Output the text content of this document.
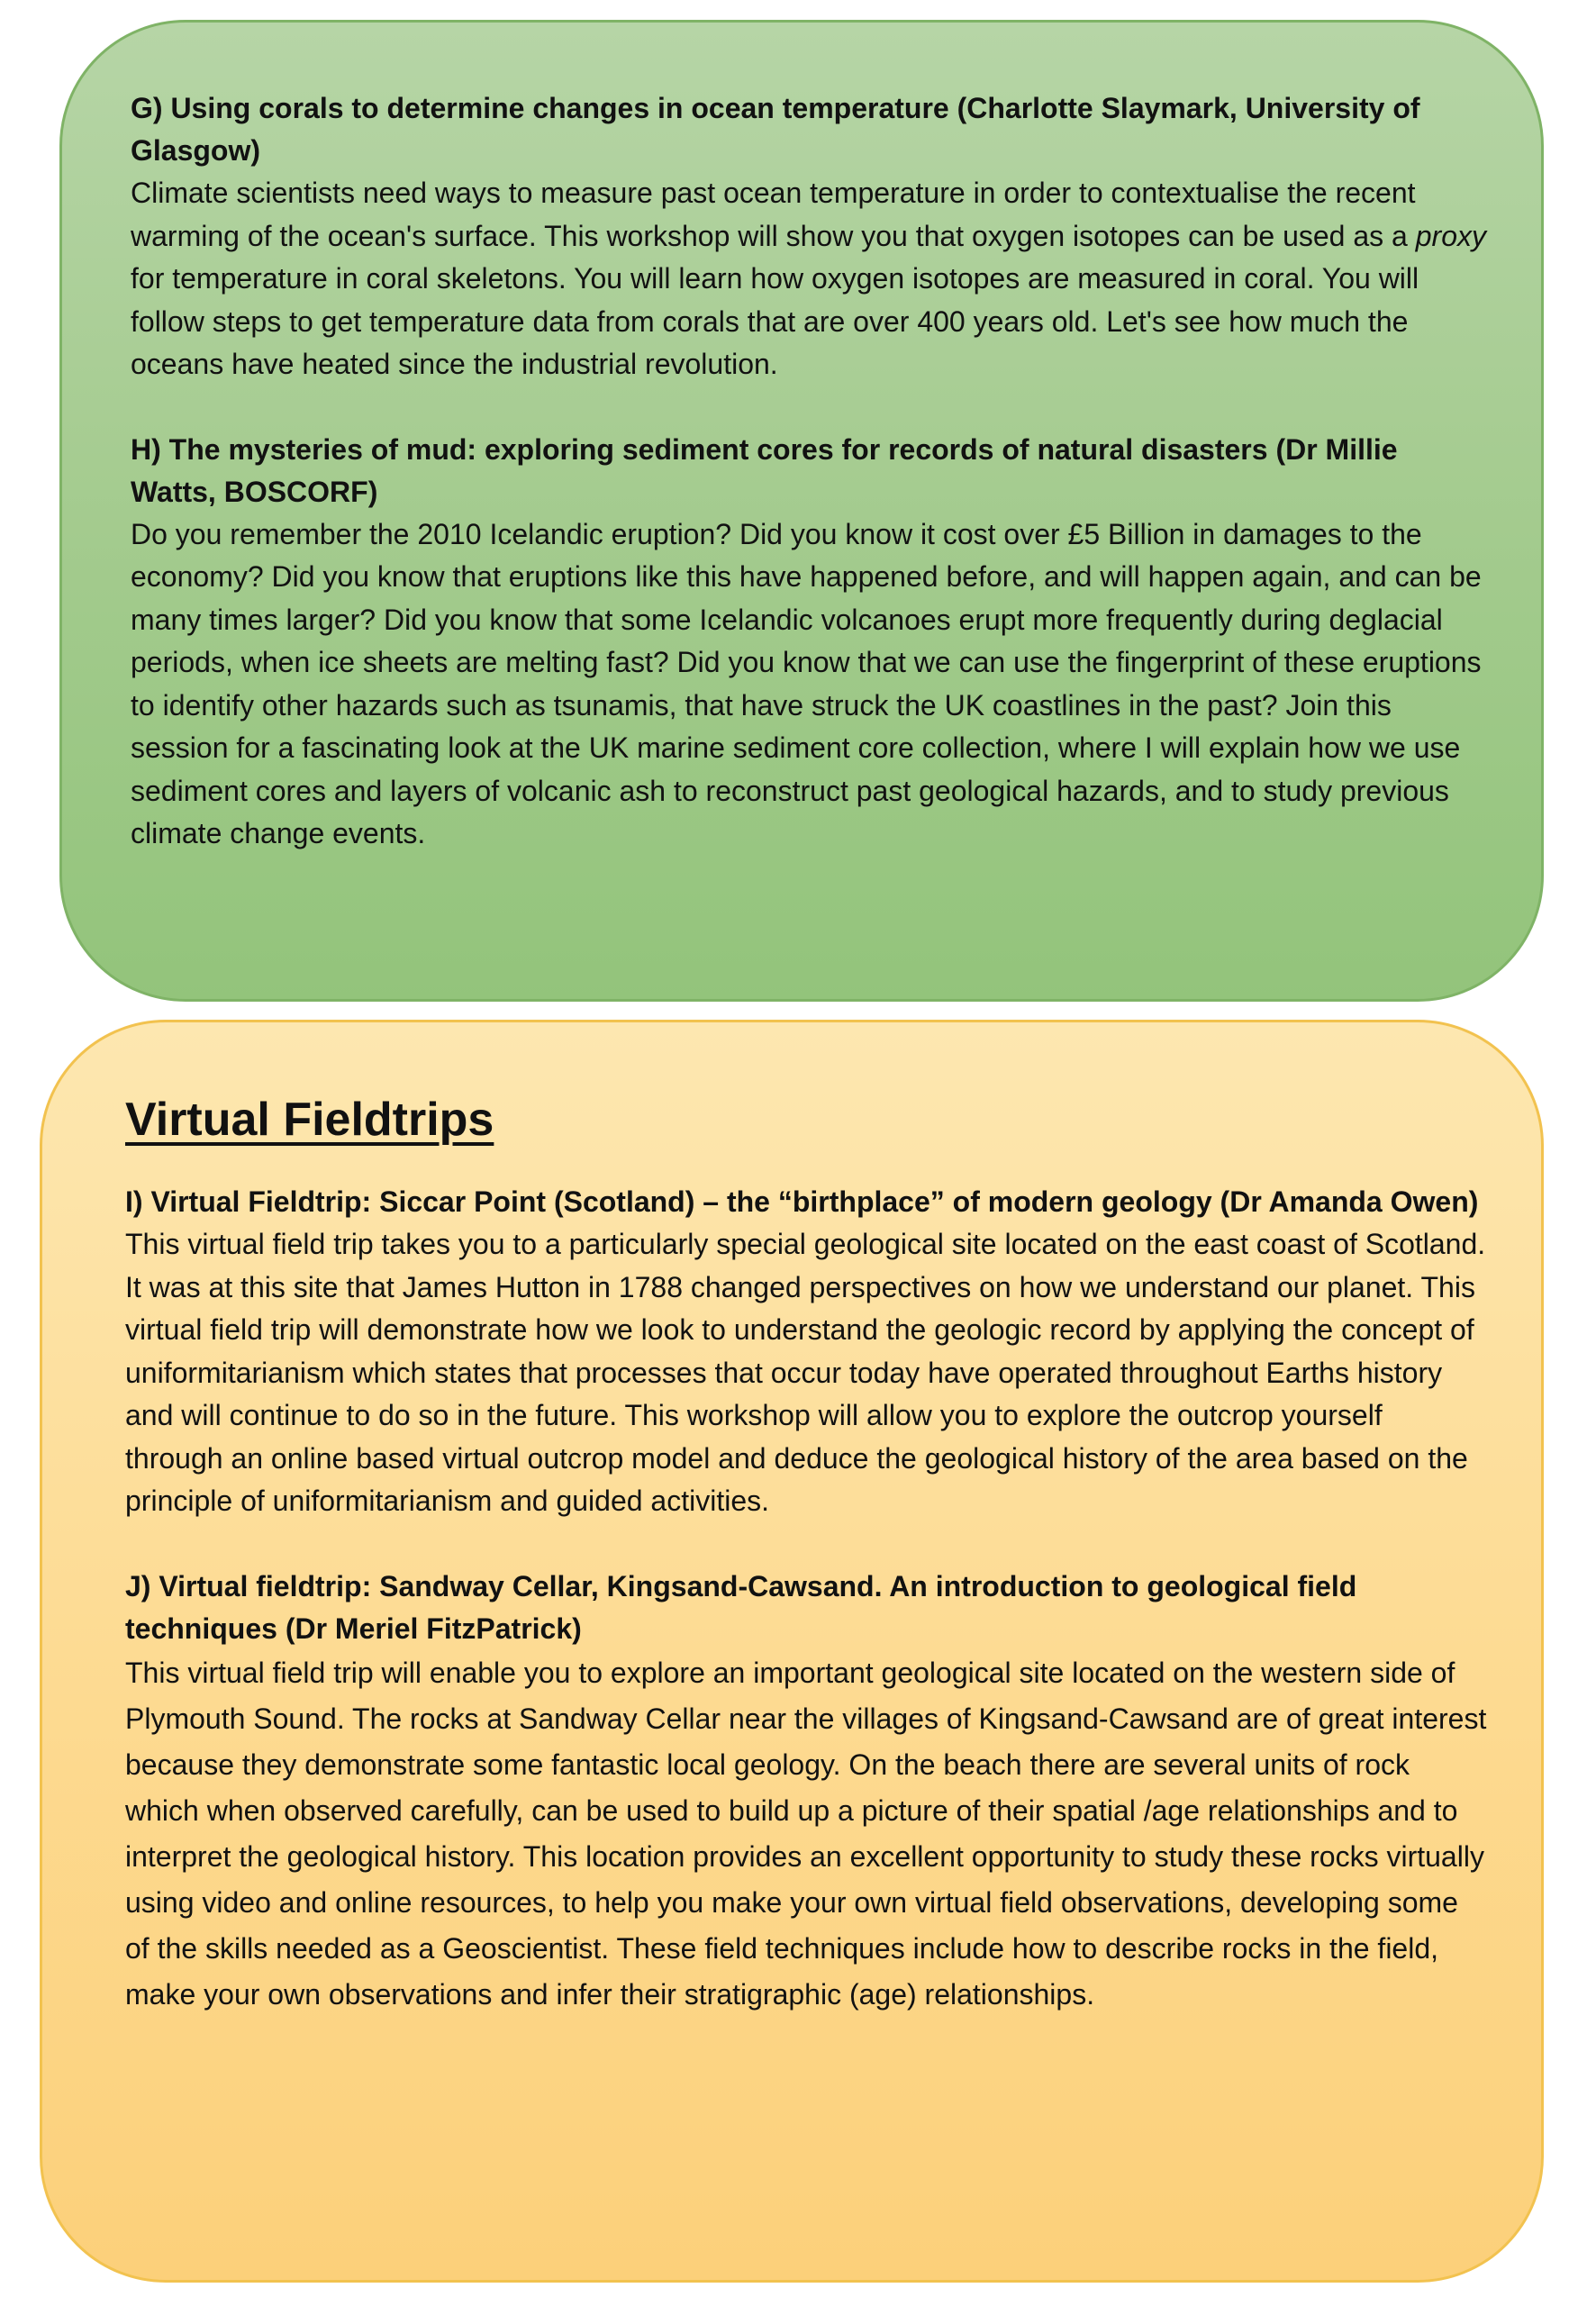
G) Using corals to determine changes in ocean temperature (Charlotte Slaymark, University of Glasgow)

Climate scientists need ways to measure past ocean temperature in order to contextualise the recent warming of the ocean's surface. This workshop will show you that oxygen isotopes can be used as a proxy for temperature in coral skeletons. You will learn how oxygen isotopes are measured in coral. You will follow steps to get temperature data from corals that are over 400 years old. Let's see how much the oceans have heated since the industrial revolution.

H) The mysteries of mud: exploring sediment cores for records of natural disasters (Dr Millie Watts, BOSCORF)

Do you remember the 2010 Icelandic eruption? Did you know it cost over £5 Billion in damages to the economy? Did you know that eruptions like this have happened before, and will happen again, and can be many times larger? Did you know that some Icelandic volcanoes erupt more frequently during deglacial periods, when ice sheets are melting fast? Did you know that we can use the fingerprint of these eruptions to identify other hazards such as tsunamis, that have struck the UK coastlines in the past? Join this session for a fascinating look at the UK marine sediment core collection, where I will explain how we use sediment cores and layers of volcanic ash to reconstruct past geological hazards, and to study previous climate change events.

Virtual Fieldtrips

I) Virtual Fieldtrip: Siccar Point (Scotland) – the “birthplace” of modern geology (Dr Amanda Owen)

This virtual field trip takes you to a particularly special geological site located on the east coast of Scotland. It was at this site that James Hutton in 1788 changed perspectives on how we understand our planet. This virtual field trip will demonstrate how we look to understand the geologic record by applying the concept of uniformitarianism which states that processes that occur today have operated throughout Earths history and will continue to do so in the future. This workshop will allow you to explore the outcrop yourself through an online based virtual outcrop model and deduce the geological history of the area based on the principle of uniformitarianism and guided activities.

J) Virtual fieldtrip: Sandway Cellar, Kingsand-Cawsand. An introduction to geological field techniques (Dr Meriel FitzPatrick)

This virtual field trip will enable you to explore an important geological site located on the western side of Plymouth Sound. The rocks at Sandway Cellar near the villages of Kingsand-Cawsand are of great interest because they demonstrate some fantastic local geology. On the beach there are several units of rock which when observed carefully, can be used to build up a picture of their spatial /age relationships and to interpret the geological history. This location provides an excellent opportunity to study these rocks virtually using video and online resources, to help you make your own virtual field observations, developing some of the skills needed as a Geoscientist. These field techniques include how to describe rocks in the field, make your own observations and infer their stratigraphic (age) relationships.
